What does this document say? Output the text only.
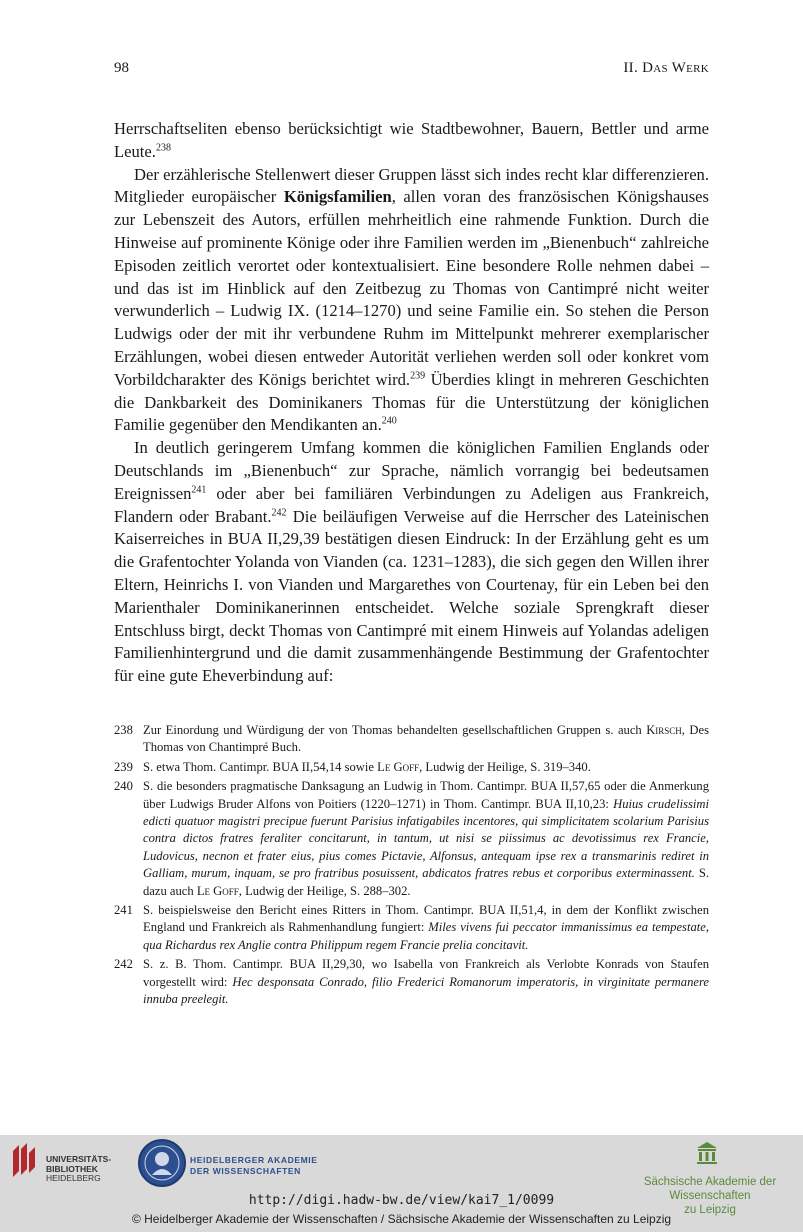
98	II. Das Werk

Herrschaftseliten ebenso berücksichtigt wie Stadtbewohner, Bauern, Bettler und arme Leute.$^{238}$

Der erzählerische Stellenwert dieser Gruppen lässt sich indes recht klar differenzieren. Mitglieder europäischer Königsfamilien, allen voran des französischen Königshauses zur Lebenszeit des Autors, erfüllen mehrheitlich eine rahmende Funktion. Durch die Hinweise auf prominente Könige oder ihre Familien werden im „Bienenbuch“ zahlreiche Episoden zeitlich verortet oder kontextualisiert. Eine besondere Rolle nehmen dabei – und das ist im Hinblick auf den Zeitbezug zu Thomas von Cantimpré nicht weiter verwunderlich – Ludwig IX. (1214–1270) und seine Familie ein. So stehen die Person Ludwigs oder der mit ihr verbundene Ruhm im Mittelpunkt mehrerer exemplarischer Erzählungen, wobei diesen entweder Autorität verliehen werden soll oder konkret vom Vorbildcharakter des Königs berichtet wird.$^{239}$ Überdies klingt in mehreren Geschichten die Dankbarkeit des Dominikaners Thomas für die Unterstützung der königlichen Familie gegenüber den Mendikanten an.$^{240}$

In deutlich geringerem Umfang kommen die königlichen Familien Englands oder Deutschlands im „Bienenbuch“ zur Sprache, nämlich vorrangig bei bedeutsamen Ereignissen$^{241}$ oder aber bei familiären Verbindungen zu Adeligen aus Frankreich, Flandern oder Brabant.$^{242}$ Die beiläufigen Verweise auf die Herrscher des Lateinischen Kaiserreiches in BUA II,29,39 bestätigen diesen Eindruck: In der Erzählung geht es um die Grafentochter Yolanda von Vianden (ca. 1231–1283), die sich gegen den Willen ihrer Eltern, Heinrichs I. von Vianden und Margarethes von Courtenay, für ein Leben bei den Marienthaler Dominikanerinnen entscheidet. Welche soziale Sprengkraft dieser Entschluss birgt, deckt Thomas von Cantimpré mit einem Hinweis auf Yolandas adeligen Familienhintergrund und die damit zusammenhängende Bestimmung der Grafentochter für eine gute Eheverbindung auf:

238 Zur Einordung und Würdigung der von Thomas behandelten gesellschaftlichen Gruppen s. auch Kirsch, Des Thomas von Chantimpré Buch.
239 S. etwa Thom. Cantimpr. BUA II,54,14 sowie Le Goff, Ludwig der Heilige, S. 319–340.
240 S. die besonders pragmatische Danksagung an Ludwig in Thom. Cantimpr. BUA II,57,65 oder die Anmerkung über Ludwigs Bruder Alfons von Poitiers (1220–1271) in Thom. Cantimpr. BUA II,10,23: Huius crudelissimi edicti quatuor magistri precipue fuerunt Parisius infatigabiles incentores, qui simplicitatem scolarium Parisius contra dictos fratres feraliter concitarunt, in tantum, ut nisi se piissimus ac devotissimus rex Francie, Ludovicus, necnon et frater eius, pius comes Pictavie, Alfonsus, antequam ipse rex a transmarinis rediret in Galliam, murum, inquam, se pro fratribus posuissent, abdicatos fratres rebus et corporibus exterminassent. S. dazu auch Le Goff, Ludwig der Heilige, S. 288–302.
241 S. beispielsweise den Bericht eines Ritters in Thom. Cantimpr. BUA II,51,4, in dem der Konflikt zwischen England und Frankreich als Rahmenhandlung fungiert: Miles vivens fui peccator immanissimus ea tempestate, qua Richardus rex Anglie contra Philippum regem Francie prelia concitavit.
242 S. z. B. Thom. Cantimpr. BUA II,29,30, wo Isabella von Frankreich als Verlobte Konrads von Staufen vorgestellt wird: Hec desponsata Conrado, filio Frederici Romanorum imperatoris, in virginitate permanere innuba preelegit.
UNIVERSITÄTS-
BIBLIOTHEK
HEIDELBERG
HEIDELBERGER AKADEMIE
DER WISSENSCHAFTEN
Sächsische Akademie der Wissenschaften
zu Leipzig
http://digi.hadw-bw.de/view/kai7_1/0099
© Heidelberger Akademie der Wissenschaften / Sächsische Akademie der Wissenschaften zu Leipzig
